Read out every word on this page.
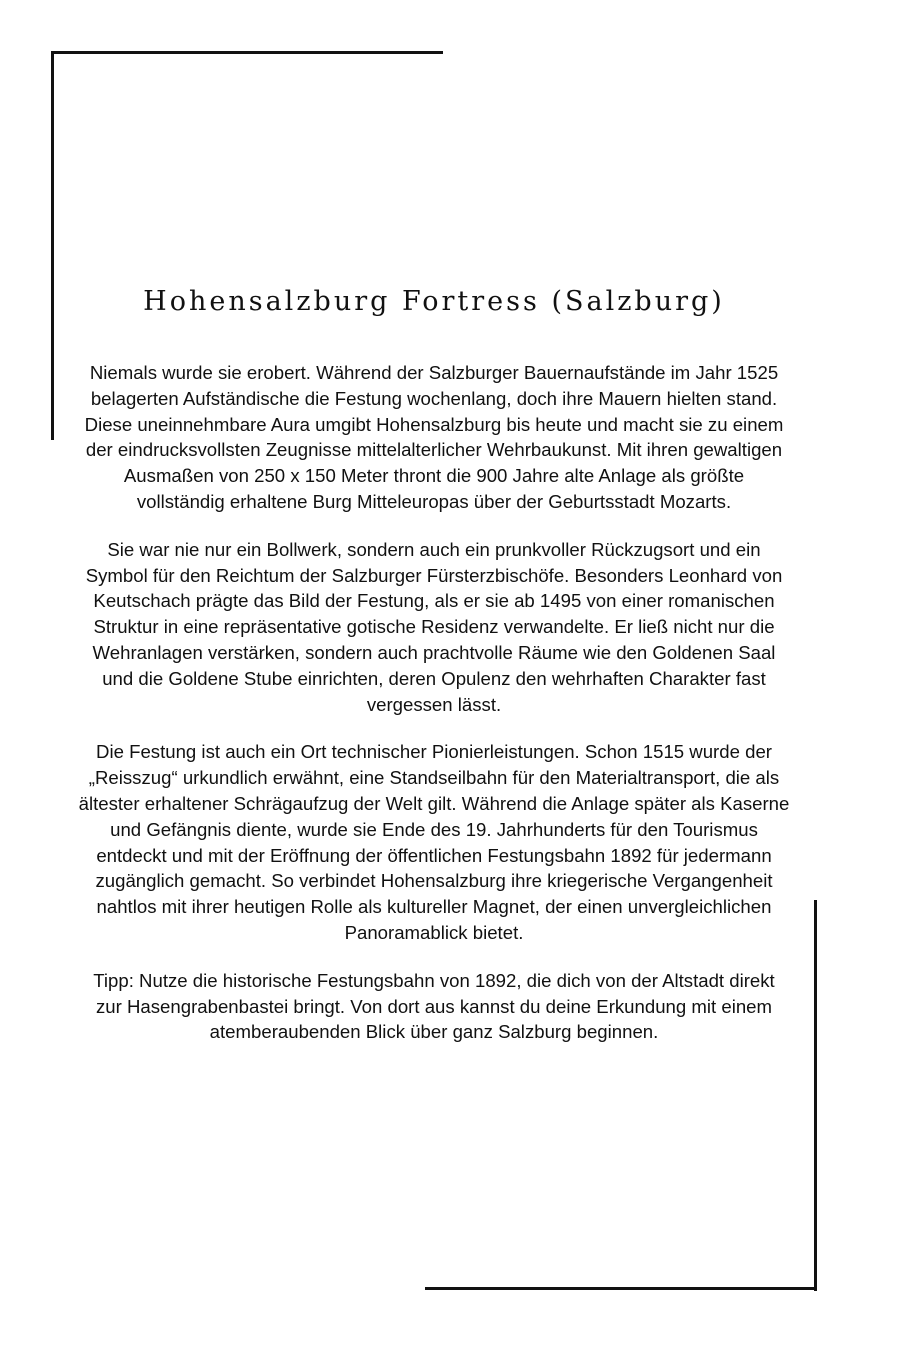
Hohensalzburg Fortress (Salzburg)

Niemals wurde sie erobert. Während der Salzburger Bauernaufstände im Jahr 1525 belagerten Aufständische die Festung wochenlang, doch ihre Mauern hielten stand. Diese uneinnehmbare Aura umgibt Hohensalzburg bis heute und macht sie zu einem der eindrucksvollsten Zeugnisse mittelalterlicher Wehrbaukunst. Mit ihren gewaltigen Ausmaßen von 250 x 150 Meter thront die 900 Jahre alte Anlage als größte vollständig erhaltene Burg Mitteleuropas über der Geburtsstadt Mozarts.

Sie war nie nur ein Bollwerk, sondern auch ein prunkvoller Rückzugsort und ein Symbol für den Reichtum der Salzburger Fürsterzbischöfe. Besonders Leonhard von Keutschach prägte das Bild der Festung, als er sie ab 1495 von einer romanischen Struktur in eine repräsentative gotische Residenz verwandelte. Er ließ nicht nur die Wehranlagen verstärken, sondern auch prachtvolle Räume wie den Goldenen Saal und die Goldene Stube einrichten, deren Opulenz den wehrhaften Charakter fast vergessen lässt.

Die Festung ist auch ein Ort technischer Pionierleistungen. Schon 1515 wurde der „Reisszug“ urkundlich erwähnt, eine Standseilbahn für den Materialtransport, die als ältester erhaltener Schrägaufzug der Welt gilt. Während die Anlage später als Kaserne und Gefängnis diente, wurde sie Ende des 19. Jahrhunderts für den Tourismus entdeckt und mit der Eröffnung der öffentlichen Festungsbahn 1892 für jedermann zugänglich gemacht. So verbindet Hohensalzburg ihre kriegerische Vergangenheit nahtlos mit ihrer heutigen Rolle als kultureller Magnet, der einen unvergleichlichen Panoramablick bietet.

Tipp: Nutze die historische Festungsbahn von 1892, die dich von der Altstadt direkt zur Hasengrabenbastei bringt. Von dort aus kannst du deine Erkundung mit einem atemberaubenden Blick über ganz Salzburg beginnen.
